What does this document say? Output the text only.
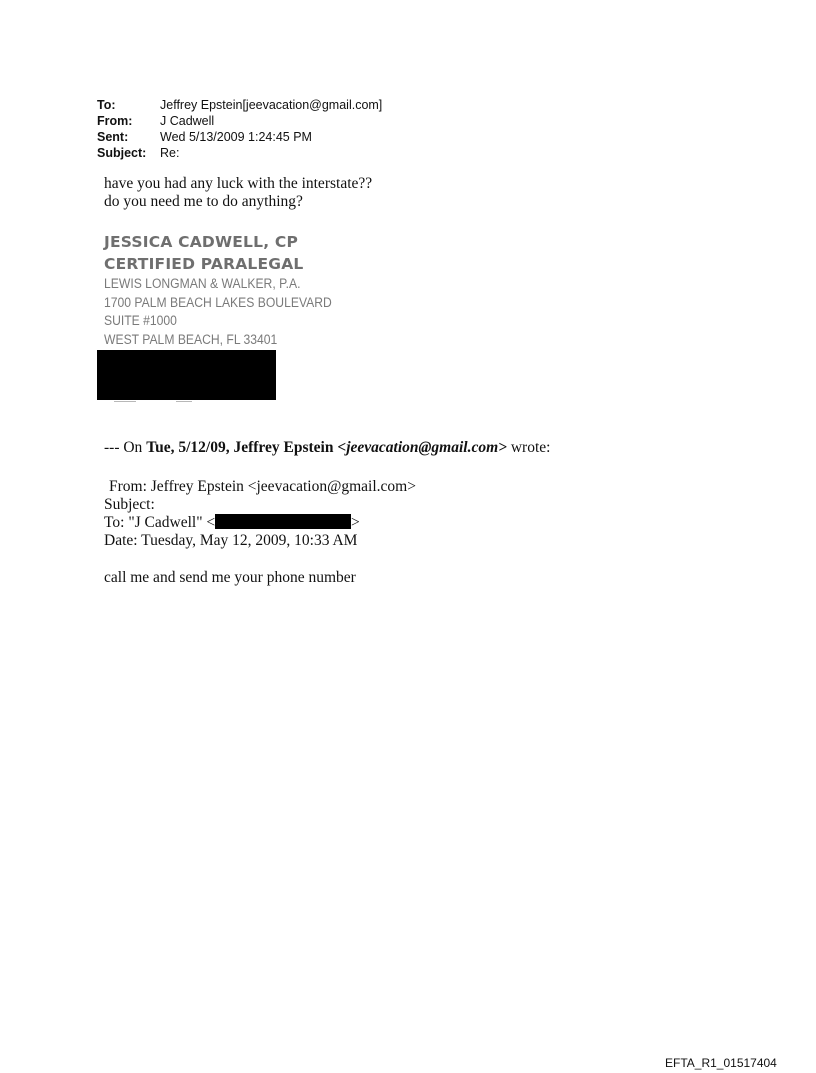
To:	Jeffrey Epstein[jeevacation@gmail.com]
From:	J Cadwell
Sent:	Wed 5/13/2009 1:24:45 PM
Subject:	Re:
have you had any luck with the interstate??
do you need me to do anything?
JESSICA CADWELL, CP
CERTIFIED PARALEGAL
LEWIS LONGMAN & WALKER, P.A.
1700 PALM BEACH LAKES BOULEVARD
SUITE #1000
WEST PALM BEACH, FL 33401
--- On Tue, 5/12/09, Jeffrey Epstein <jeevacation@gmail.com> wrote:
From: Jeffrey Epstein <jeevacation@gmail.com>
Subject:
To: "J Cadwell" <
Date: Tuesday, May 12, 2009, 10:33 AM
>
call me and send me your phone number
EFTA_R1_01517404
